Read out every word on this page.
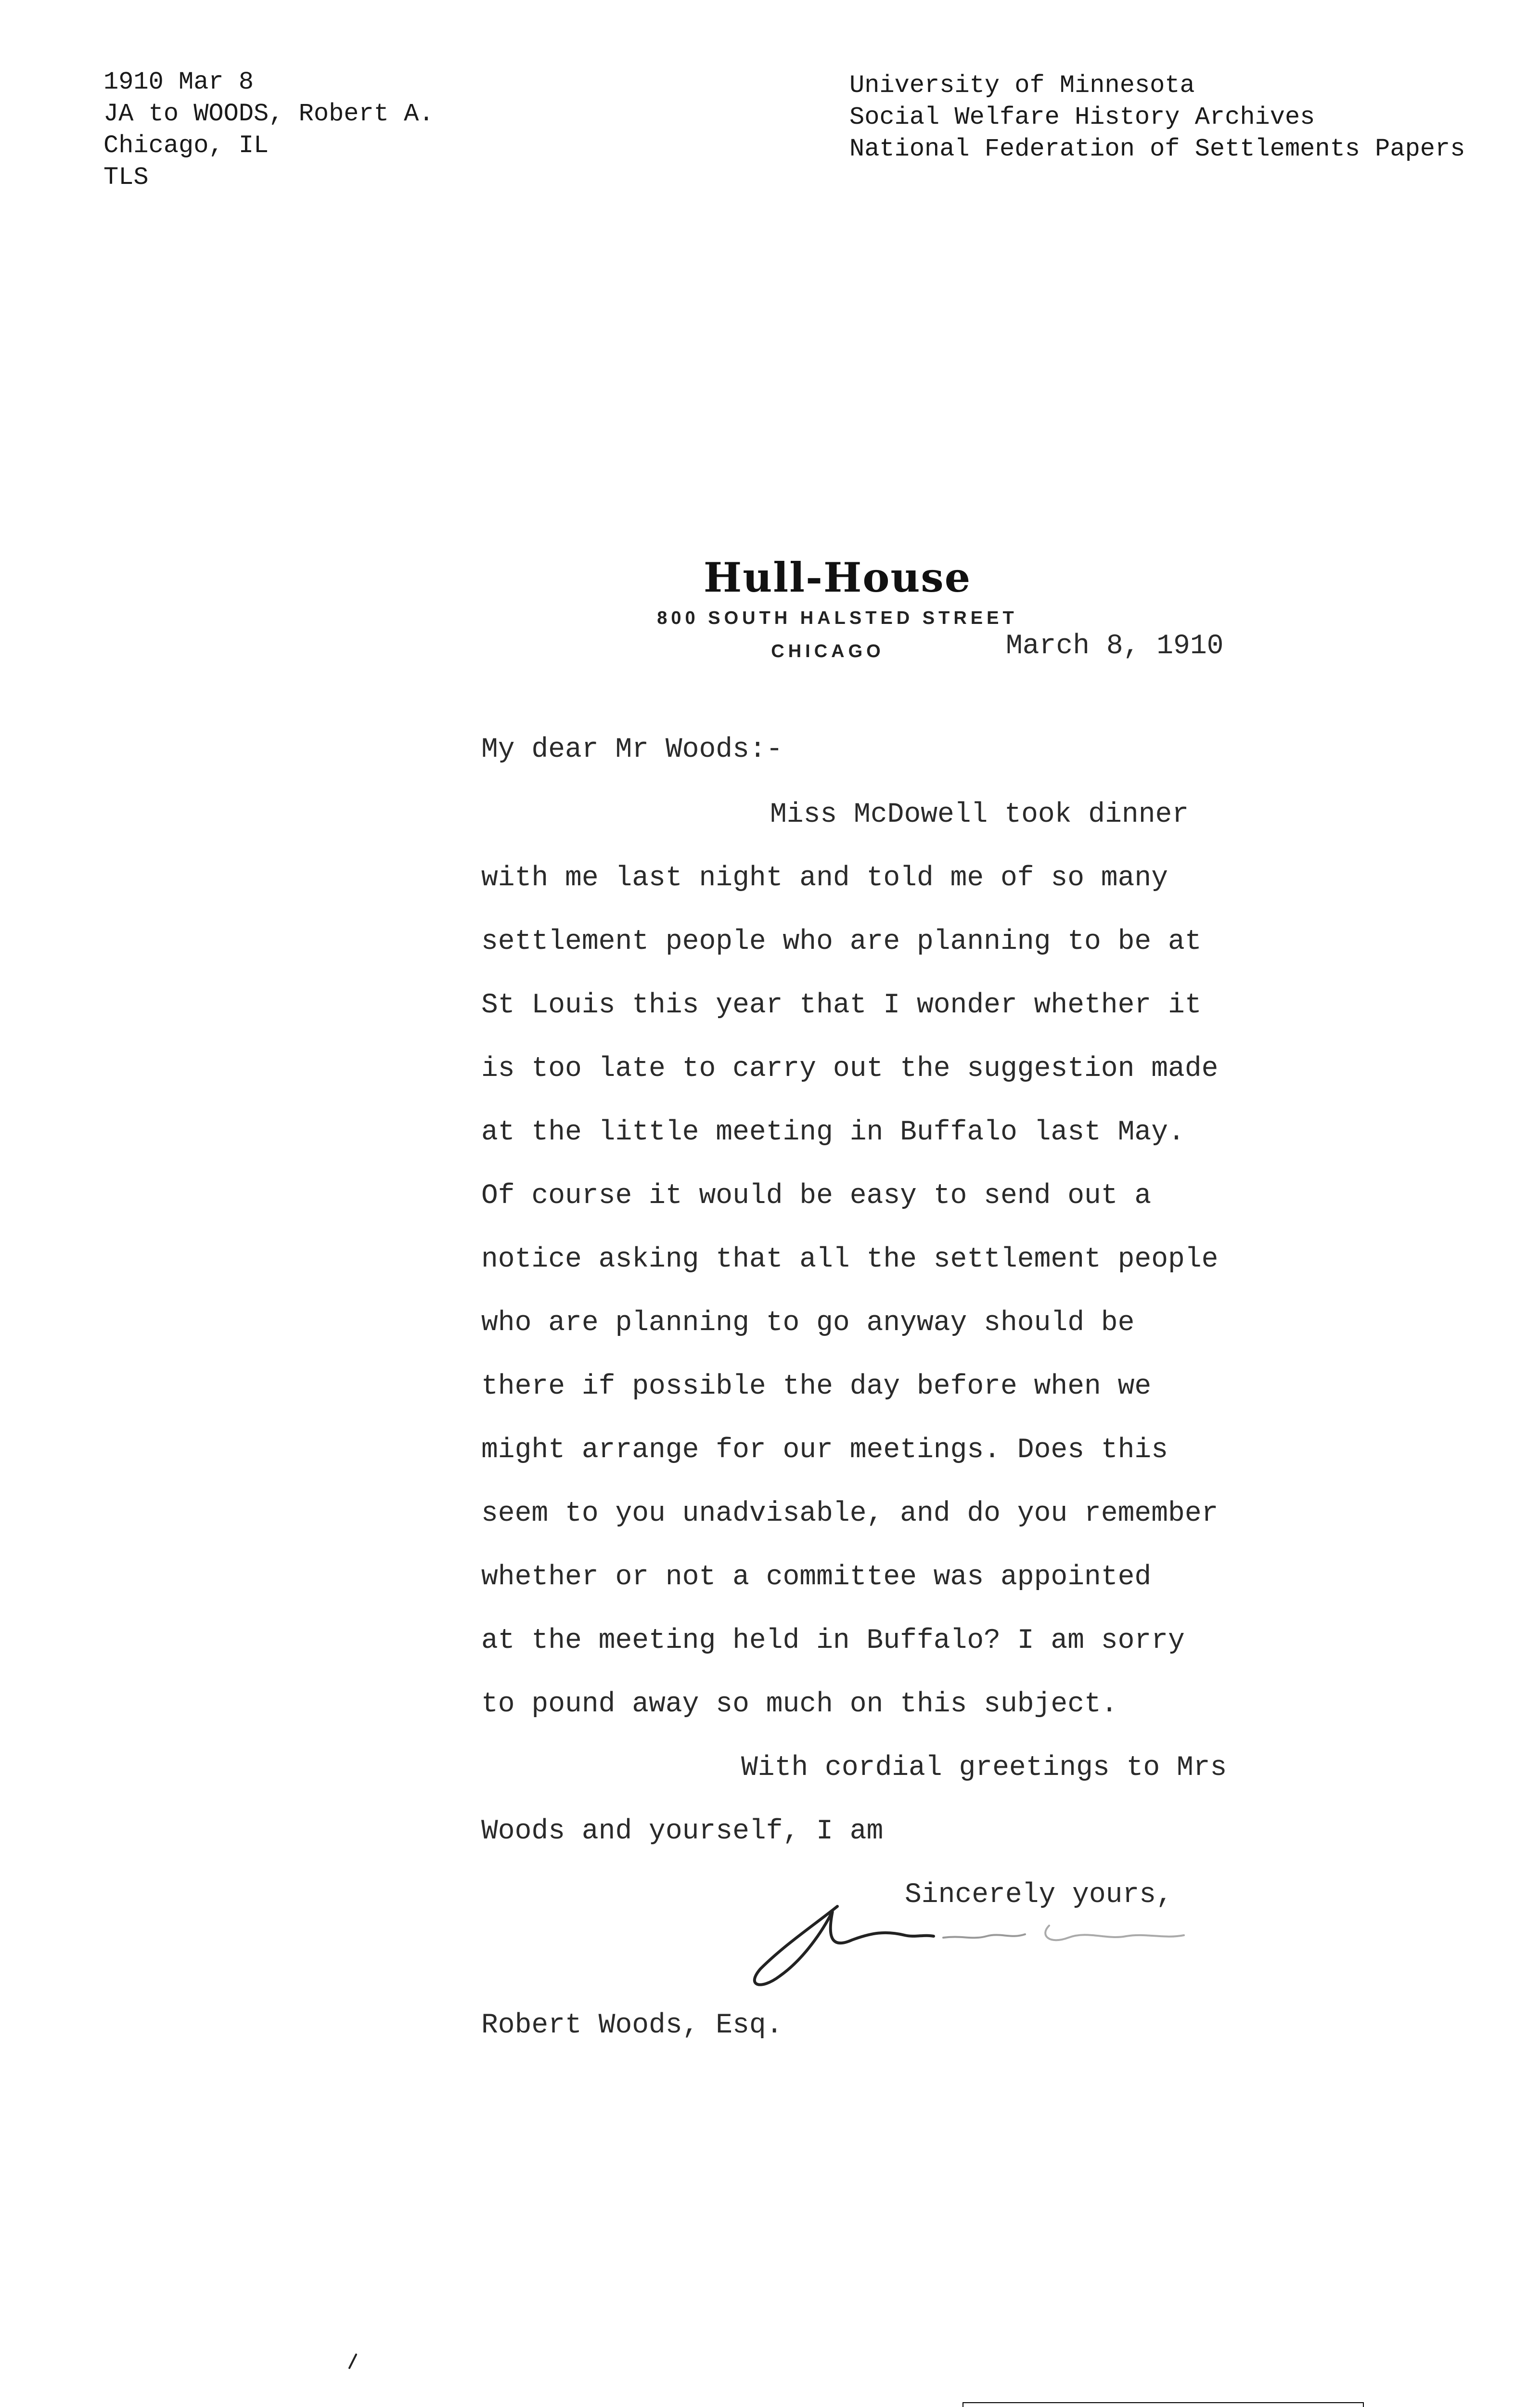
1910 Mar 8
JA to WOODS, Robert A.
Chicago, IL
TLS
University of Minnesota
Social Welfare History Archives
National Federation of Settlements Papers
Hull-House
800 SOUTH HALSTED STREET
CHICAGO	March 8, 1910
My dear Mr Woods:-
Miss McDowell took dinner
with me last night and told me of so many
settlement people who are planning to be at
St Louis this year that I wonder whether it
is too late to carry out the suggestion made
at the little meeting in Buffalo last May.
Of course it would be easy to send out a
notice asking that all the settlement people
who are planning to go anyway should be
there if possible the day before when we
might arrange for our meetings. Does this
seem to you unadvisable, and do you remember
whether or not a committee was appointed
at the meeting held in Buffalo? I am sorry
to pound away so much on this subject.
With cordial greetings to Mrs
Woods and yourself, I am
Sincerely yours,
Robert Woods, Esq.
